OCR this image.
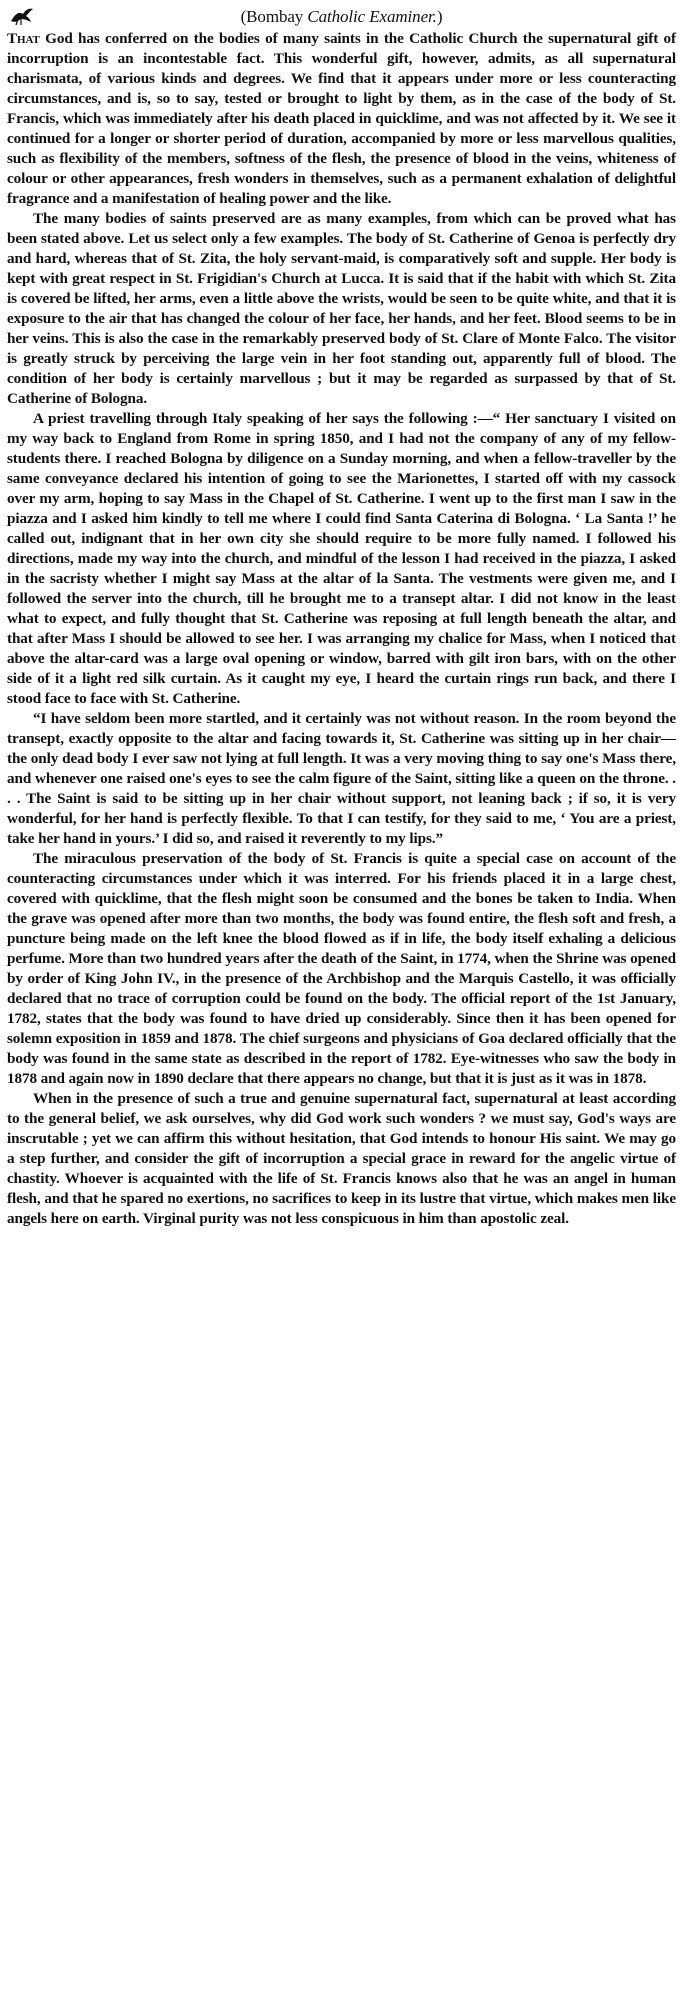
(Bombay Catholic Examiner.)

That God has conferred on the bodies of many saints in the Catholic Church the supernatural gift of incorruption is an incontestable fact. This wonderful gift, however, admits, as all supernatural charismata, of various kinds and degrees. We find that it appears under more or less counteracting circumstances, and is, so to say, tested or brought to light by them, as in the case of the body of St. Francis, which was immediately after his death placed in quicklime, and was not affected by it. We see it continued for a longer or shorter period of duration, accompanied by more or less marvellous qualities, such as flexibility of the members, softness of the flesh, the presence of blood in the veins, whiteness of colour or other appearances, fresh wonders in themselves, such as a permanent exhalation of delightful fragrance and a manifestation of healing power and the like.

The many bodies of saints preserved are as many examples, from which can be proved what has been stated above. Let us select only a few examples. The body of St. Catherine of Genoa is perfectly dry and hard, whereas that of St. Zita, the holy servant-maid, is comparatively soft and supple. Her body is kept with great respect in St. Frigidian's Church at Lucca. It is said that if the habit with which St. Zita is covered be lifted, her arms, even a little above the wrists, would be seen to be quite white, and that it is exposure to the air that has changed the colour of her face, her hands, and her feet. Blood seems to be in her veins. This is also the case in the remarkably preserved body of St. Clare of Monte Falco. The visitor is greatly struck by perceiving the large vein in her foot standing out, apparently full of blood. The condition of her body is certainly marvellous ; but it may be regarded as surpassed by that of St. Catherine of Bologna.

A priest travelling through Italy speaking of her says the following :—“ Her sanctuary I visited on my way back to England from Rome in spring 1850, and I had not the company of any of my fellow-students there. I reached Bologna by diligence on a Sunday morning, and when a fellow-traveller by the same conveyance declared his intention of going to see the Marionettes, I started off with my cassock over my arm, hoping to say Mass in the Chapel of St. Catherine. I went up to the first man I saw in the piazza and I asked him kindly to tell me where I could find Santa Caterina di Bologna. ‘ La Santa !’ he called out, indignant that in her own city she should require to be more fully named. I followed his directions, made my way into the church, and mindful of the lesson I had received in the piazza, I asked in the sacristy whether I might say Mass at the altar of la Santa. The vestments were given me, and I followed the server into the church, till he brought me to a transept altar. I did not know in the least what to expect, and fully thought that St. Catherine was reposing at full length beneath the altar, and that after Mass I should be allowed to see her. I was arranging my chalice for Mass, when I noticed that above the altar-card was a large oval opening or window, barred with gilt iron bars, with on the other side of it a light red silk curtain. As it caught my eye, I heard the curtain rings run back, and there I stood face to face with St. Catherine.

“I have seldom been more startled, and it certainly was not without reason. In the room beyond the transept, exactly opposite to the altar and facing towards it, St. Catherine was sitting up in her chair—the only dead body I ever saw not lying at full length. It was a very moving thing to say one's Mass there, and whenever one raised one's eyes to see the calm figure of the Saint, sitting like a queen on the throne. . . . The Saint is said to be sitting up in her chair without support, not leaning back ; if so, it is very wonderful, for her hand is perfectly flexible. To that I can testify, for they said to me, ‘ You are a priest, take her hand in yours.’ I did so, and raised it reverently to my lips.”

The miraculous preservation of the body of St. Francis is quite a special case on account of the counteracting circumstances under which it was interred. For his friends placed it in a large chest, covered with quicklime, that the flesh might soon be consumed and the bones be taken to India. When the grave was opened after more than two months, the body was found entire, the flesh soft and fresh, a puncture being made on the left knee the blood flowed as if in life, the body itself exhaling a delicious perfume. More than two hundred years after the death of the Saint, in 1774, when the Shrine was opened by order of King John IV., in the presence of the Archbishop and the Marquis Castello, it was officially declared that no trace of corruption could be found on the body. The official report of the 1st January, 1782, states that the body was found to have dried up considerably. Since then it has been opened for solemn exposition in 1859 and 1878. The chief surgeons and physicians of Goa declared officially that the body was found in the same state as described in the report of 1782. Eye-witnesses who saw the body in 1878 and again now in 1890 declare that there appears no change, but that it is just as it was in 1878.

When in the presence of such a true and genuine supernatural fact, supernatural at least according to the general belief, we ask ourselves, why did God work such wonders ? we must say, God's ways are inscrutable ; yet we can affirm this without hesitation, that God intends to honour His saint. We may go a step further, and consider the gift of incorruption a special grace in reward for the angelic virtue of chastity. Whoever is acquainted with the life of St. Francis knows also that he was an angel in human flesh, and that he spared no exertions, no sacrifices to keep in its lustre that virtue, which makes men like angels here on earth. Virginal purity was not less conspicuous in him than apostolic zeal.
